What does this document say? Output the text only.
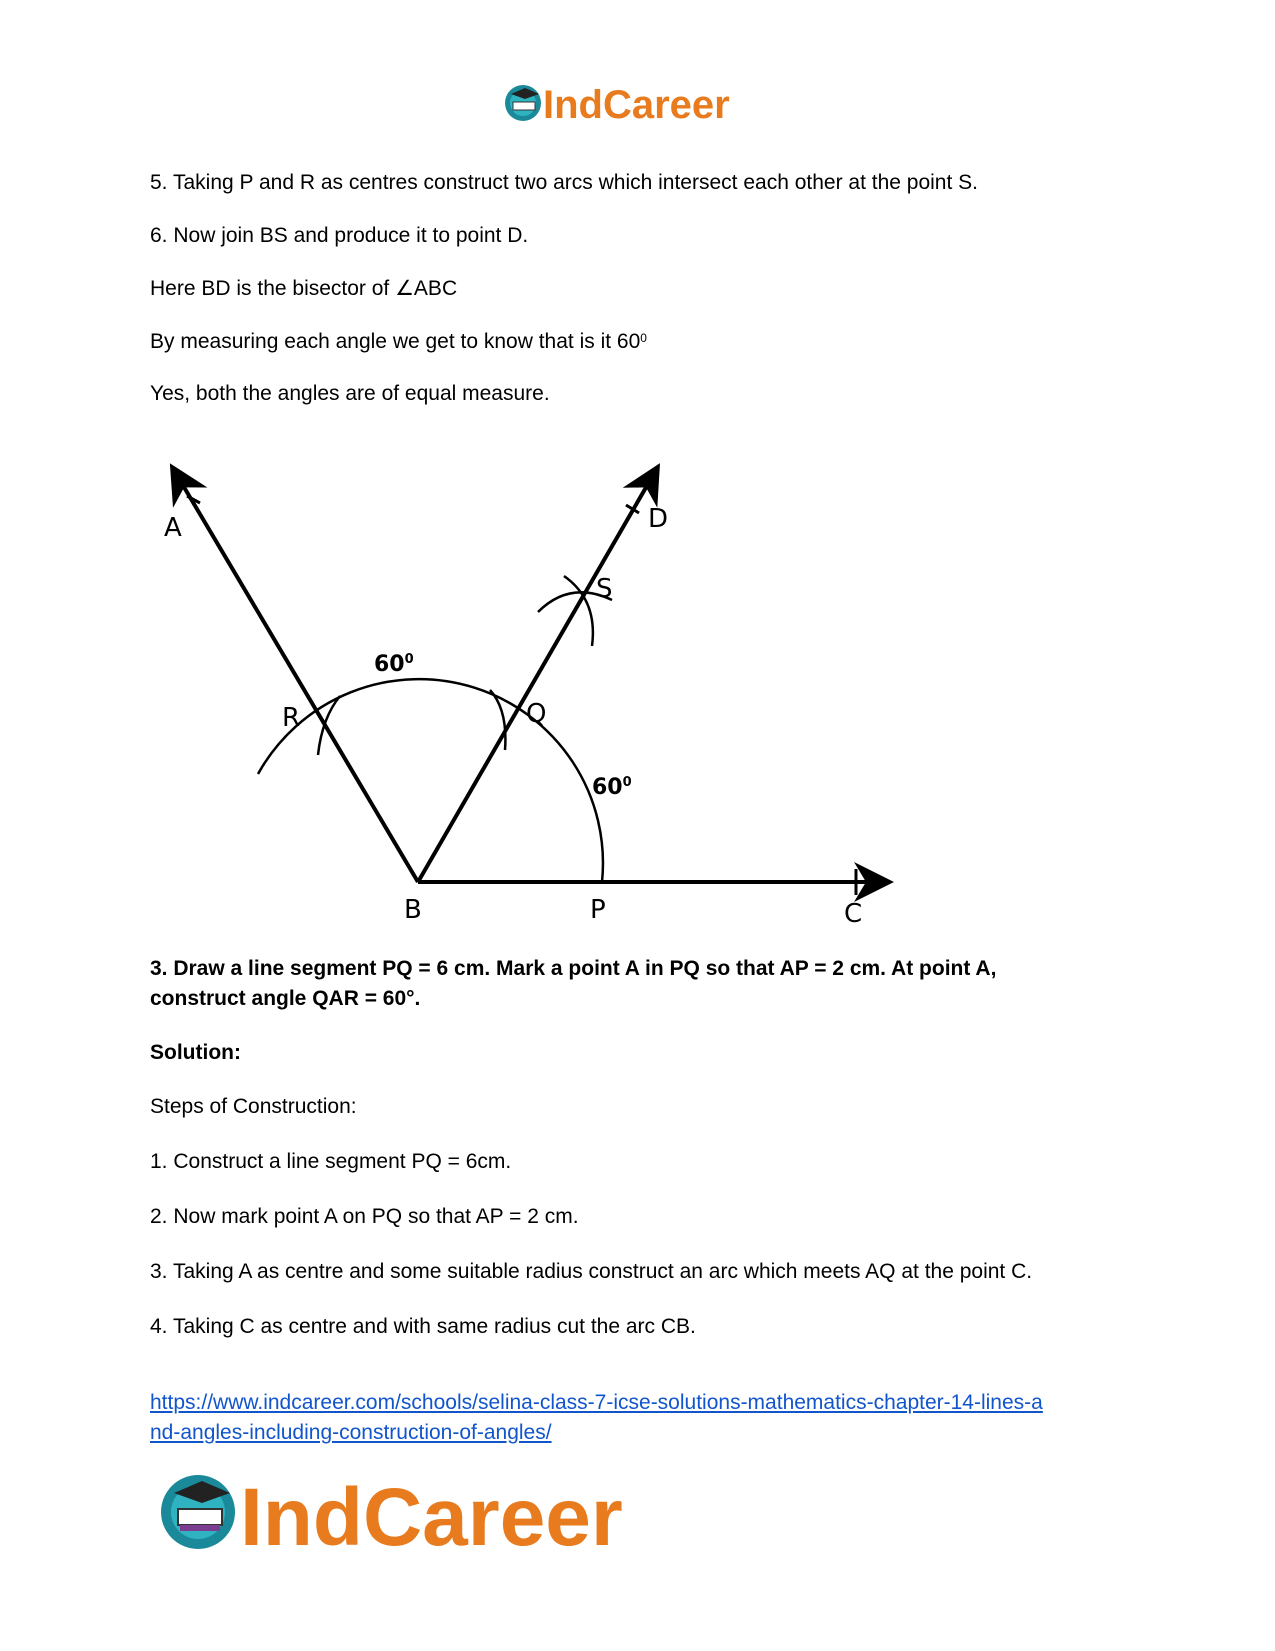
IndCareer
5. Taking P and R as centres construct two arcs which intersect each other at the point S.
6. Now join BS and produce it to point D.
Here BD is the bisector of ∠ABC
By measuring each angle we get to know that is it $60^0$
Yes, both the angles are of equal measure.
A
B	C
D
P
Q
R
S
$60^0$
$60^0$
3. Draw a line segment PQ = 6 cm. Mark a point A in PQ so that AP = 2 cm. At point A,
construct angle QAR = 60°.
Solution:
Steps of Construction:
1. Construct a line segment PQ = 6cm.
2. Now mark point A on PQ so that AP = 2 cm.
3. Taking A as centre and some suitable radius construct an arc which meets AQ at the point C.
4. Taking C as centre and with same radius cut the arc CB.
https://www.indcareer.com/schools/selina-class-7-icse-solutions-mathematics-chapter-14-lines-a
nd-angles-including-construction-of-angles/
IndCareer
